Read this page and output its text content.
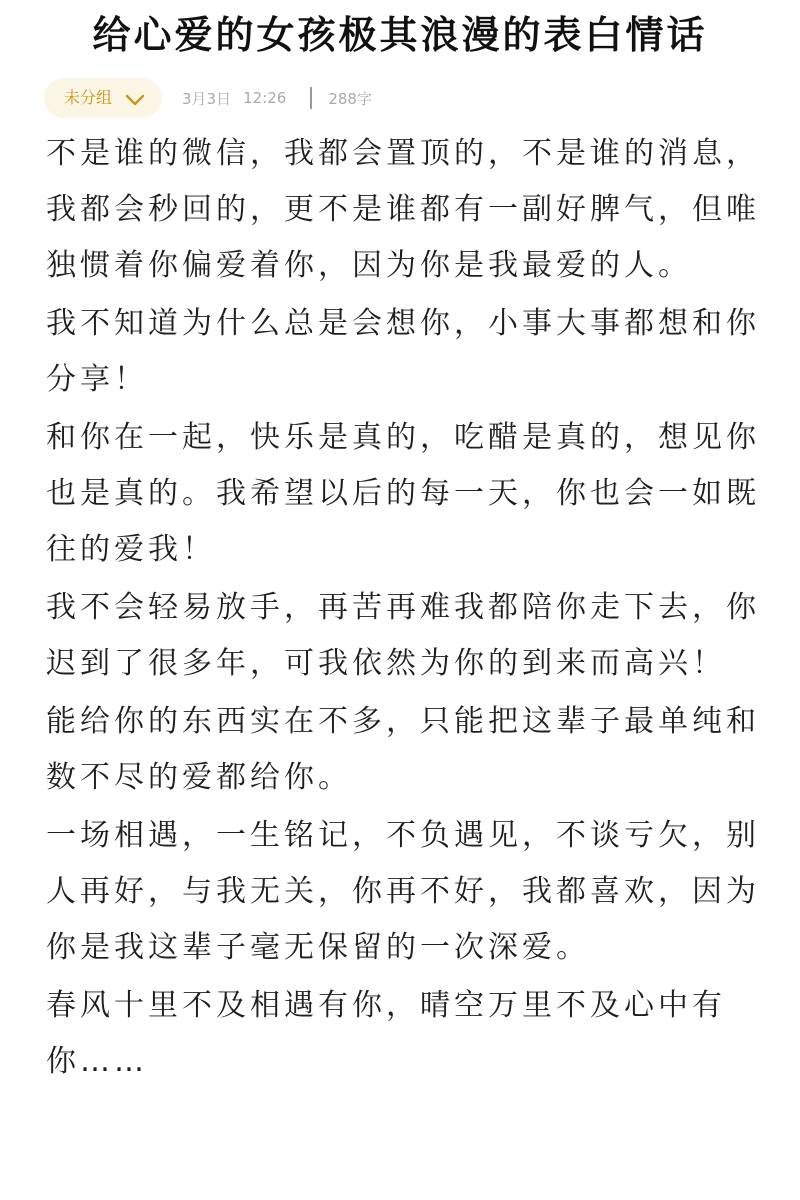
给心爱的女孩极其浪漫的表白情话
未分组	3月3日 12:26	288字

不是谁的微信，我都会置顶的，不是谁的消息，我都会秒回的，更不是谁都有一副好脾气，但唯独惯着你偏爱着你，因为你是我最爱的人。

我不知道为什么总是会想你，小事大事都想和你分享！

和你在一起，快乐是真的，吃醋是真的，想见你也是真的。我希望以后的每一天，你也会一如既往的爱我！

我不会轻易放手，再苦再难我都陪你走下去，你迟到了很多年，可我依然为你的到来而高兴！

能给你的东西实在不多，只能把这辈子最单纯和数不尽的爱都给你。

一场相遇，一生铭记，不负遇见，不谈亏欠，别人再好，与我无关，你再不好，我都喜欢，因为你是我这辈子毫无保留的一次深爱。

春风十里不及相遇有你，晴空万里不及心中有你……
